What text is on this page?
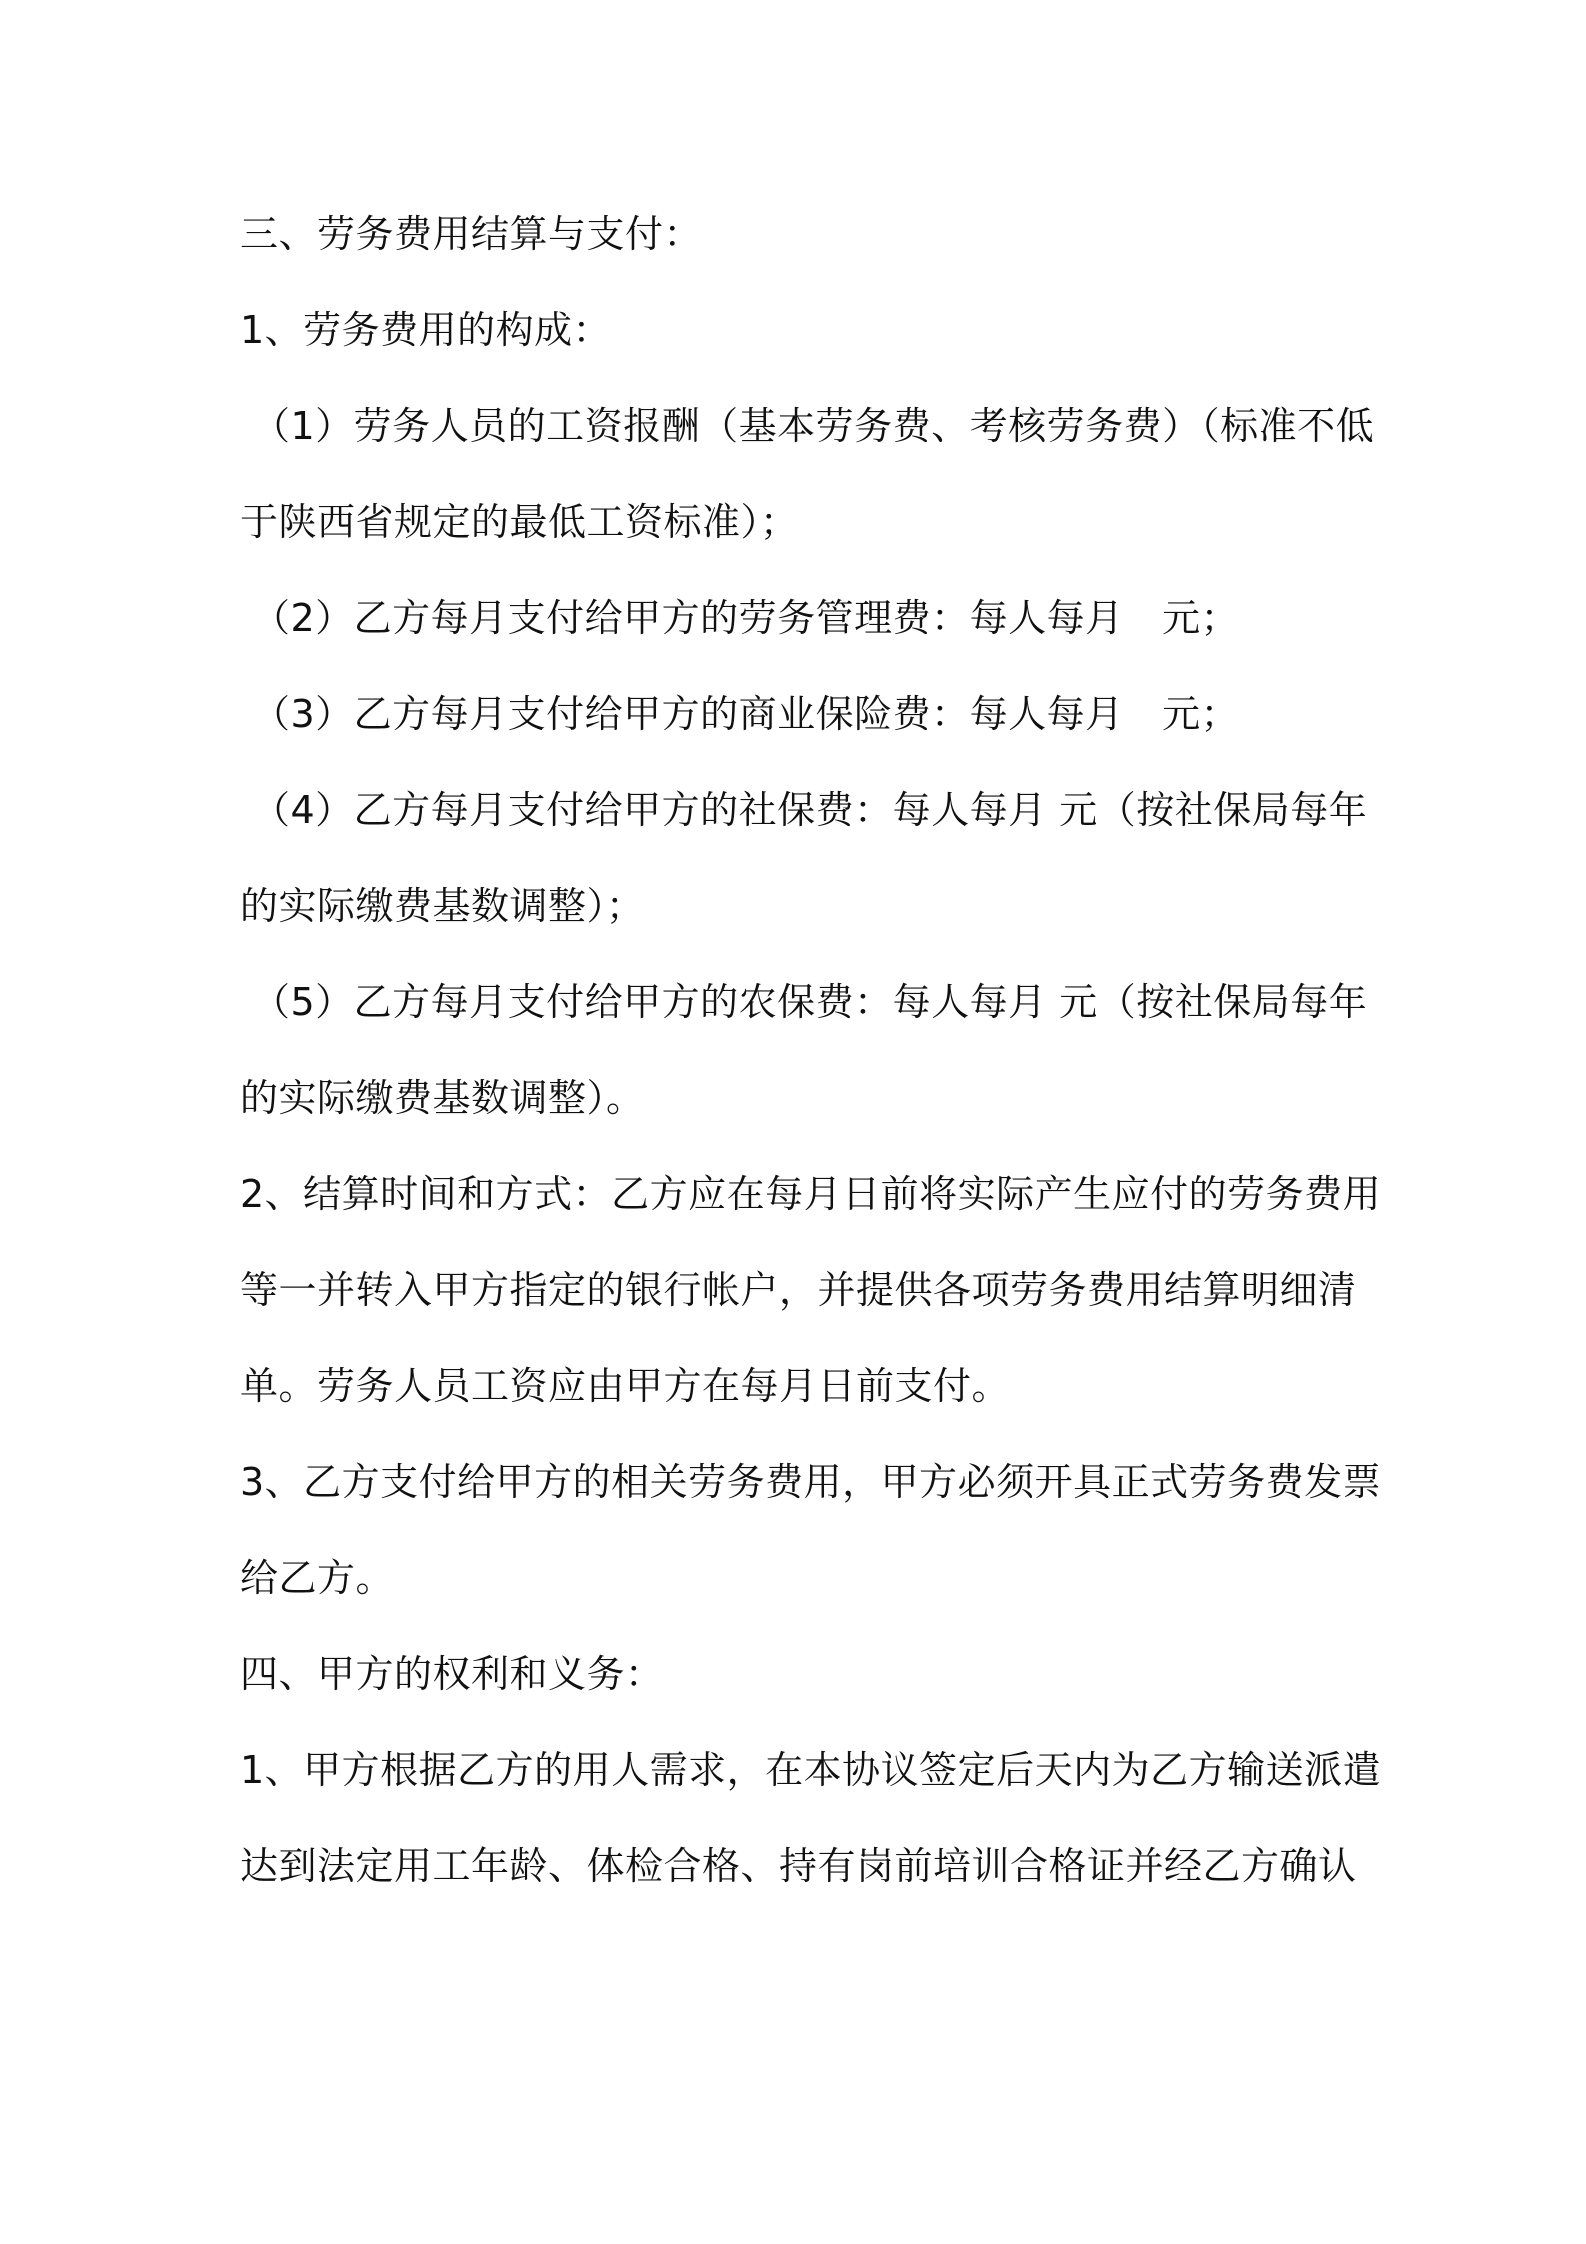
三、劳务费用结算与支付：
1、劳务费用的构成：
（1）劳务人员的工资报酬（基本劳务费、考核劳务费）（标准不低
于陕西省规定的最低工资标准）；
（2）乙方每月支付给甲方的劳务管理费：每人每月　元；
（3）乙方每月支付给甲方的商业保险费：每人每月　元；
（4）乙方每月支付给甲方的社保费：每人每月 元（按社保局每年
的实际缴费基数调整）；
（5）乙方每月支付给甲方的农保费：每人每月 元（按社保局每年
的实际缴费基数调整）。
2、结算时间和方式：乙方应在每月日前将实际产生应付的劳务费用
等一并转入甲方指定的银行帐户，并提供各项劳务费用结算明细清
单。劳务人员工资应由甲方在每月日前支付。
3、乙方支付给甲方的相关劳务费用，甲方必须开具正式劳务费发票
给乙方。
四、甲方的权利和义务：
1、甲方根据乙方的用人需求，在本协议签定后天内为乙方输送派遣
达到法定用工年龄、体检合格、持有岗前培训合格证并经乙方确认
